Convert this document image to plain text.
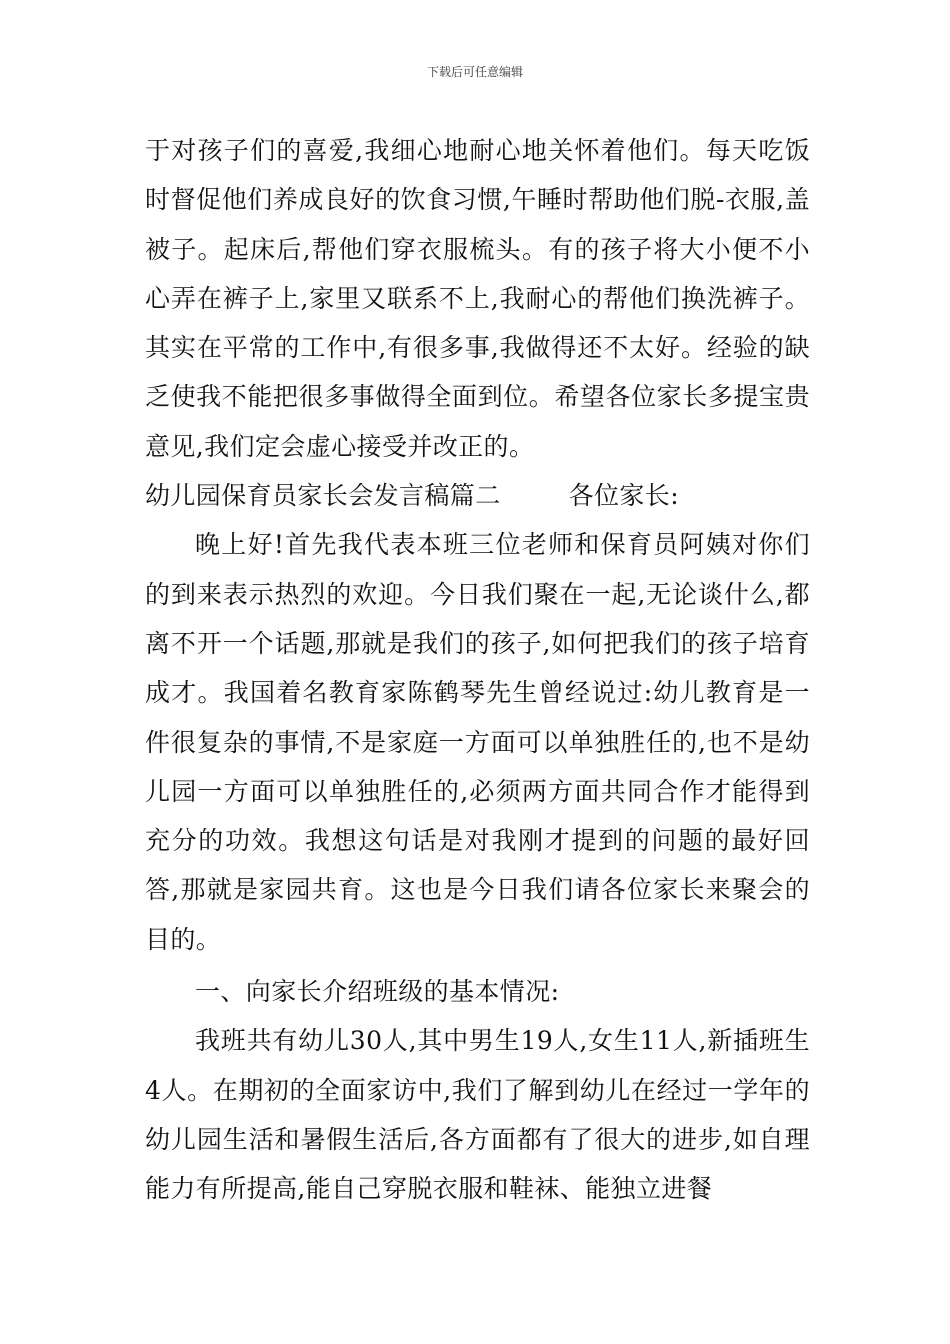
下载后可任意编辑

于对孩子们的喜爱,我细心地耐心地关怀着他们。每天吃饭时督促他们养成良好的饮食习惯,午睡时帮助他们脱-衣服,盖被子。起床后,帮他们穿衣服梳头。有的孩子将大小便不小心弄在裤子上,家里又联系不上,我耐心的帮他们换洗裤子。其实在平常的工作中,有很多事,我做得还不太好。经验的缺乏使我不能把很多事做得全面到位。希望各位家长多提宝贵意见,我们定会虚心接受并改正的。

幼儿园保育员家长会发言稿篇二	各位家长:

晚上好!首先我代表本班三位老师和保育员阿姨对你们的到来表示热烈的欢迎。今日我们聚在一起,无论谈什么,都离不开一个话题,那就是我们的孩子,如何把我们的孩子培育成才。我国着名教育家陈鹤琴先生曾经说过:幼儿教育是一件很复杂的事情,不是家庭一方面可以单独胜任的,也不是幼儿园一方面可以单独胜任的,必须两方面共同合作才能得到充分的功效。我想这句话是对我刚才提到的问题的最好回答,那就是家园共育。这也是今日我们请各位家长来聚会的目的。

一、向家长介绍班级的基本情况:

我班共有幼儿30人,其中男生19人,女生11人,新插班生4人。在期初的全面家访中,我们了解到幼儿在经过一学年的幼儿园生活和暑假生活后,各方面都有了很大的进步,如自理能力有所提高,能自己穿脱衣服和鞋袜、能独立进餐
